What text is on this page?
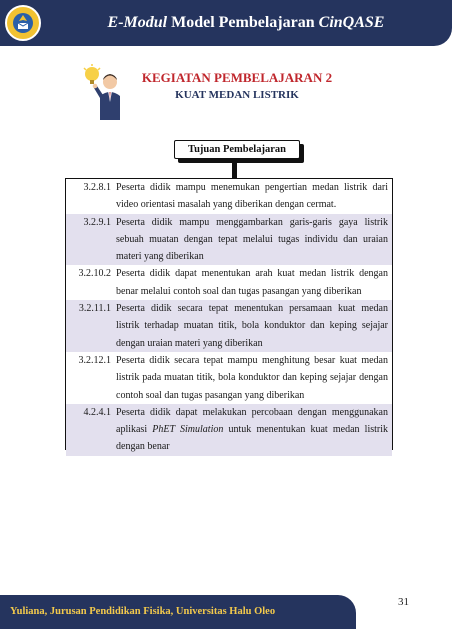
E-Modul Model Pembelajaran CinQASE
KEGIATAN PEMBELAJARAN 2
KUAT MEDAN LISTRIK
Tujuan Pembelajaran
3.2.8.1 Peserta didik mampu menemukan pengertian medan listrik dari video orientasi masalah yang diberikan dengan cermat.
3.2.9.1 Peserta didik mampu menggambarkan garis-garis gaya listrik sebuah muatan dengan tepat melalui tugas individu dan uraian materi yang diberikan
3.2.10.2 Peserta didik dapat menentukan arah kuat medan listrik dengan benar melalui contoh soal dan tugas pasangan yang diberikan
3.2.11.1 Peserta didik secara tepat menentukan persamaan kuat medan listrik terhadap muatan titik, bola konduktor dan keping sejajar dengan uraian materi yang diberikan
3.2.12.1 Peserta didik secara tepat mampu menghitung besar kuat medan listrik pada muatan titik, bola konduktor dan keping sejajar dengan contoh soal dan tugas pasangan yang diberikan
4.2.4.1 Peserta didik dapat melakukan percobaan dengan menggunakan aplikasi PhET Simulation untuk menentukan kuat medan listrik dengan benar
31
Yuliana, Jurusan Pendidikan Fisika, Universitas Halu Oleo
